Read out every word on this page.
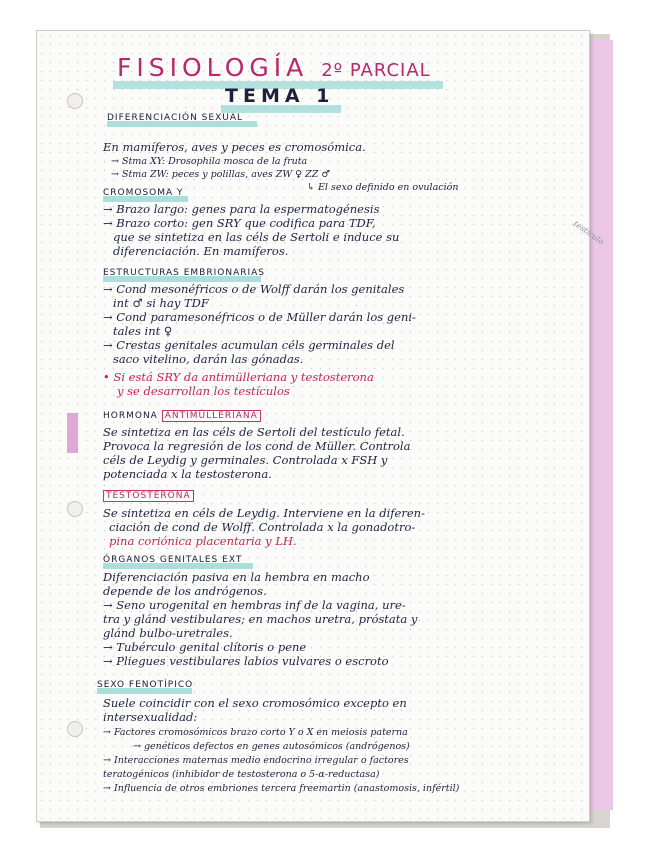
FISIOLOGÍA 2º PARCIAL
TEMA 1
DIFERENCIACIÓN SEXUAL
En mamíferos, aves y peces es cromosómica.
→ Stma XY: Drosophila mosca de la fruta
→ Stma ZW: peces y polillas, aves ZW ♀ ZZ ♂
↳ El sexo definido en ovulación
CROMOSOMA Y
testículo
→ Brazo largo: genes para la espermatogénesis
→ Brazo corto: gen SRY que codifica para TDF,
que se sintetiza en las céls de Sertoli e induce su
diferenciación. En mamíferos.
ESTRUCTURAS EMBRIONARIAS
→ Cond mesonéfricos o de Wolff darán los genitales
int ♂ si hay TDF
→ Cond paramesonéfricos o de Müller darán los geni-
tales int ♀
→ Crestas genitales acumulan céls germinales del
saco vitelino, darán las gónadas.
• Si está SRY da antimülleriana y testosterona
y se desarrollan los testículos
HORMONA ANTIMÜLLERIANA
Se sintetiza en las céls de Sertoli del testículo fetal.
Provoca la regresión de los cond de Müller. Controla
céls de Leydig y germinales. Controlada x FSH y
potenciada x la testosterona.
TESTOSTERONA
Se sintetiza en céls de Leydig. Interviene en la diferen-
ciación de cond de Wolff. Controlada x la gonadotro-
pina coriónica placentaria y LH.
ÓRGANOS GENITALES EXT
Diferenciación pasiva en la hembra en macho
depende de los andrógenos.
→ Seno urogenital en hembras inf de la vagina, ure-
tra y glánd vestibulares; en machos uretra, próstata y
glánd bulbo-uretrales.
→ Tubérculo genital clítoris o pene
→ Pliegues vestibulares labios vulvares o escroto
SEXO FENOTÍPICO
Suele coincidir con el sexo cromosómico excepto en
intersexualidad:
→ Factores cromosómicos brazo corto Y o X en meiosis paterna
→ genéticos defectos en genes autosómicos (andrógenos)
→ Interacciones maternas medio endocrino irregular o factores
teratogénicos (inhibidor de testosterona o 5-α-reductasa)
→ Influencia de otros embriones tercera freemartin (anastomosis, infértil)
